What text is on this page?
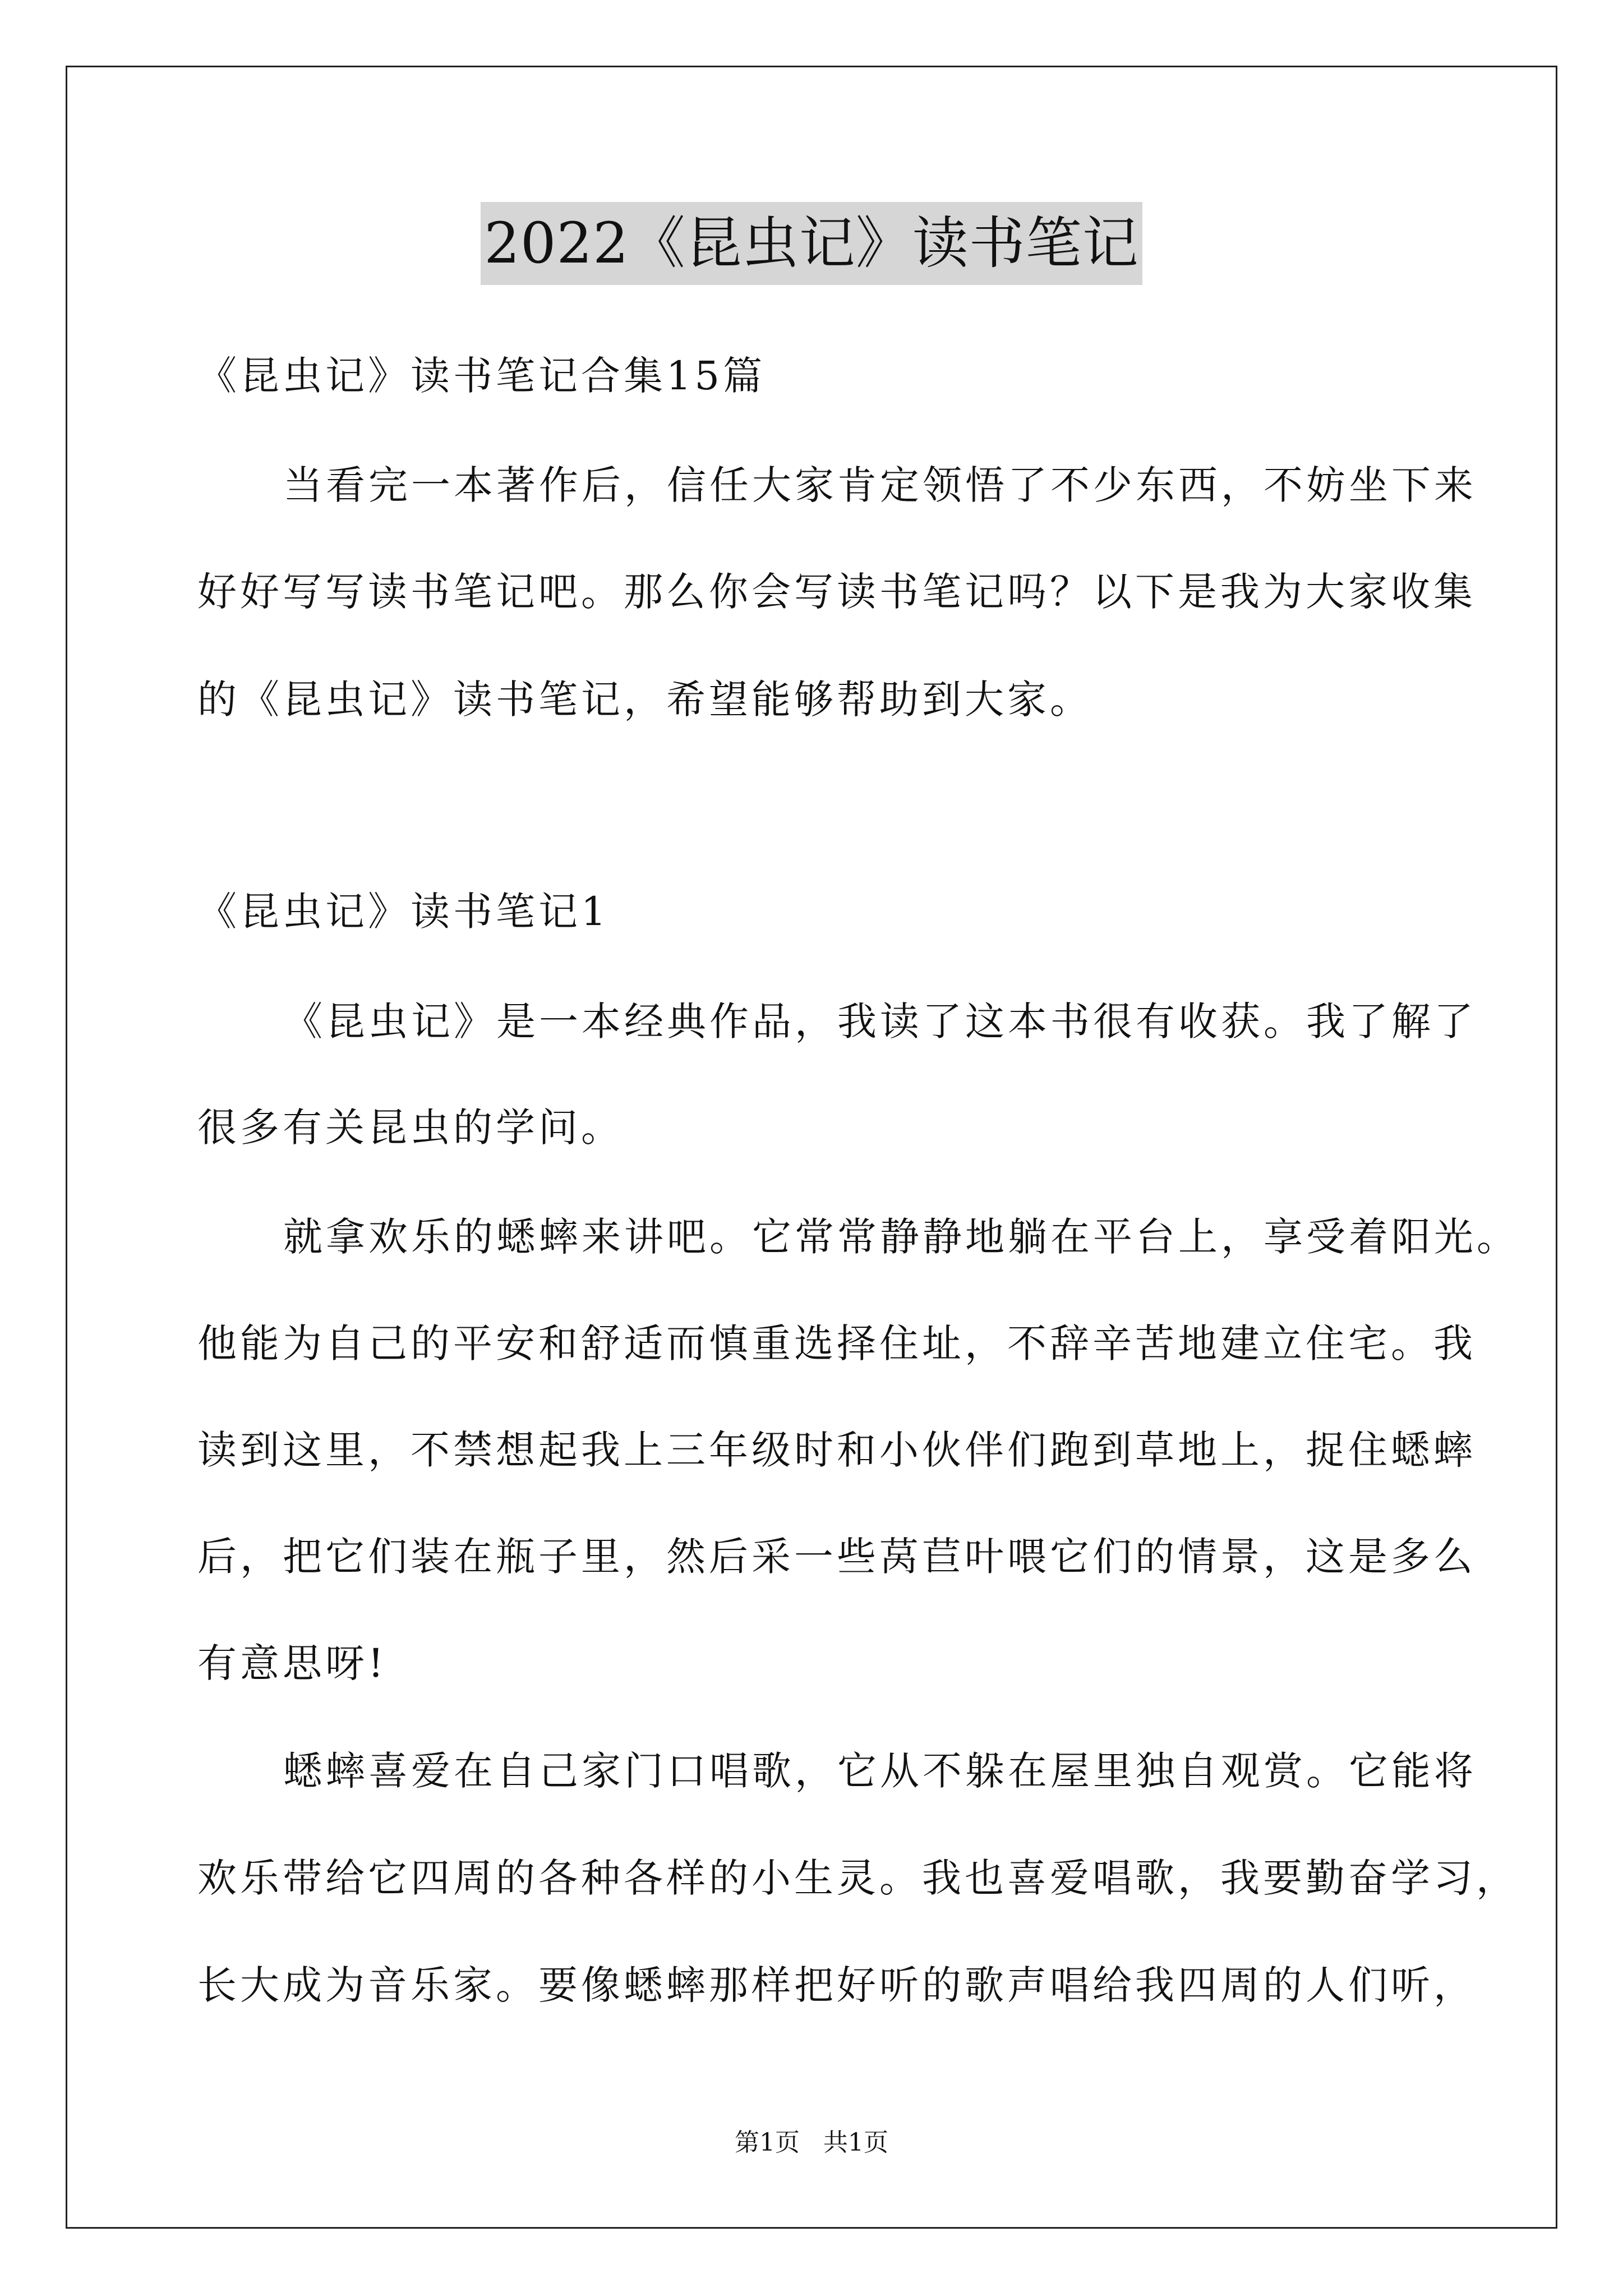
2022《昆虫记》读书笔记
《昆虫记》读书笔记合集15篇
当看完一本著作后，信任大家肯定领悟了不少东西，不妨坐下来
好好写写读书笔记吧。那么你会写读书笔记吗？以下是我为大家收集
的《昆虫记》读书笔记，希望能够帮助到大家。
《昆虫记》读书笔记1
《昆虫记》是一本经典作品，我读了这本书很有收获。我了解了
很多有关昆虫的学问。
就拿欢乐的蟋蟀来讲吧。它常常静静地躺在平台上，享受着阳光。
他能为自己的平安和舒适而慎重选择住址，不辞辛苦地建立住宅。我
读到这里，不禁想起我上三年级时和小伙伴们跑到草地上，捉住蟋蟀
后，把它们装在瓶子里，然后采一些莴苣叶喂它们的情景，这是多么
有意思呀!
蟋蟀喜爱在自己家门口唱歌，它从不躲在屋里独自观赏。它能将
欢乐带给它四周的各种各样的小生灵。我也喜爱唱歌，我要勤奋学习，
长大成为音乐家。要像蟋蟀那样把好听的歌声唱给我四周的人们听，
第1页   共1页
